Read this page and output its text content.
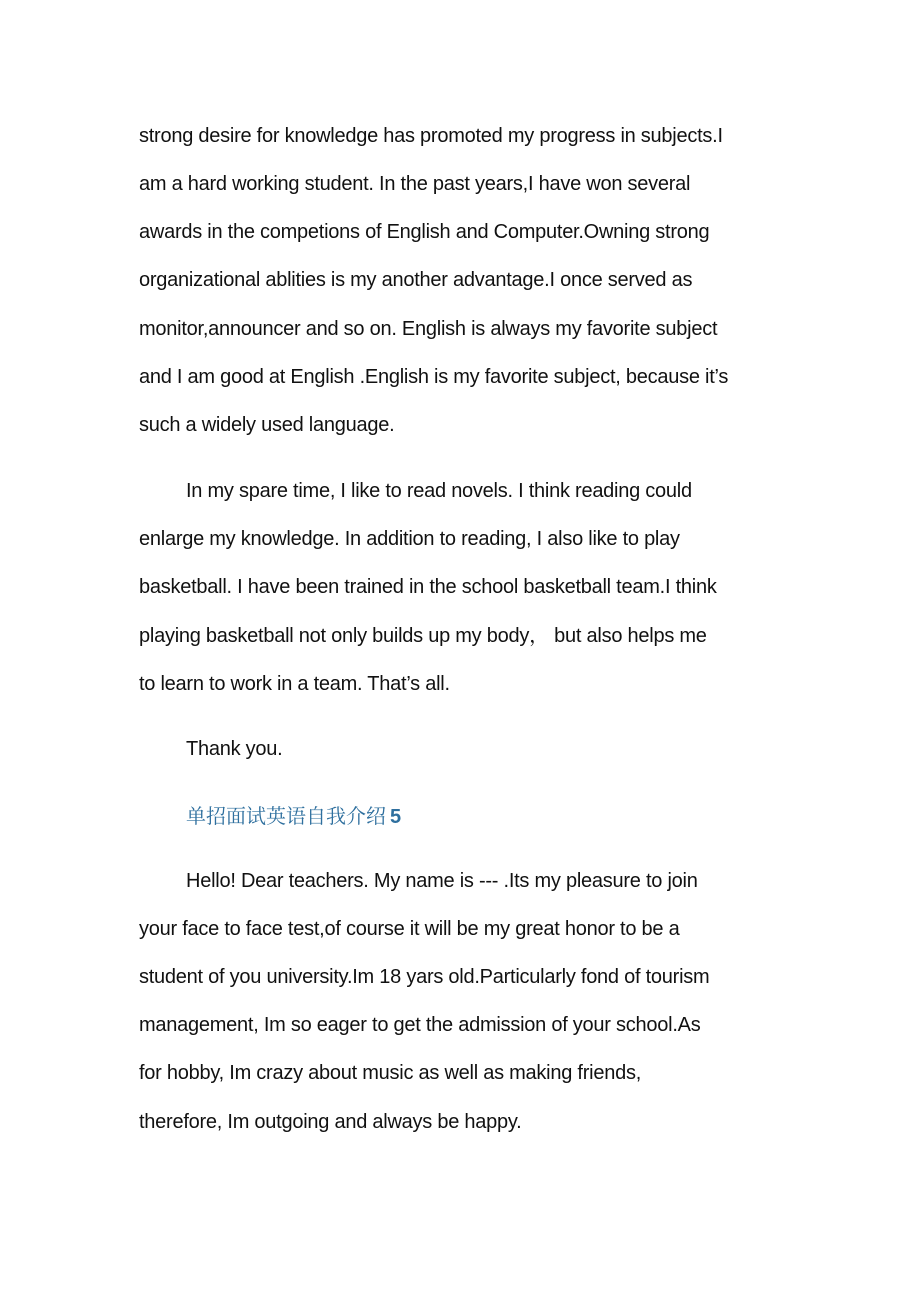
strong desire for knowledge has promoted my progress in subjects.I
am a hard working student. In the past years,I have won several
awards in the competions of English and Computer.Owning strong
organizational ablities is my another advantage.I once served as
monitor,announcer and so on. English is always my favorite subject
and I am good at English .English is my favorite subject, because it’s
such a widely used language.
In my spare time, I like to read novels. I think reading could
enlarge my knowledge. In addition to reading, I also like to play
basketball. I have been trained in the school basketball team.I think
playing basketball not only builds up my body， but also helps me
to learn to work in a team. That’s all.
Thank you.
单招面试英语自我介绍 5
Hello! Dear teachers. My name is --- .Its my pleasure to join
your face to face test,of course it will be my great honor to be a
student of you university.Im 18 yars old.Particularly fond of tourism
management, Im so eager to get the admission of your school.As
for hobby, Im crazy about music as well as making friends,
therefore, Im outgoing and always be happy.
